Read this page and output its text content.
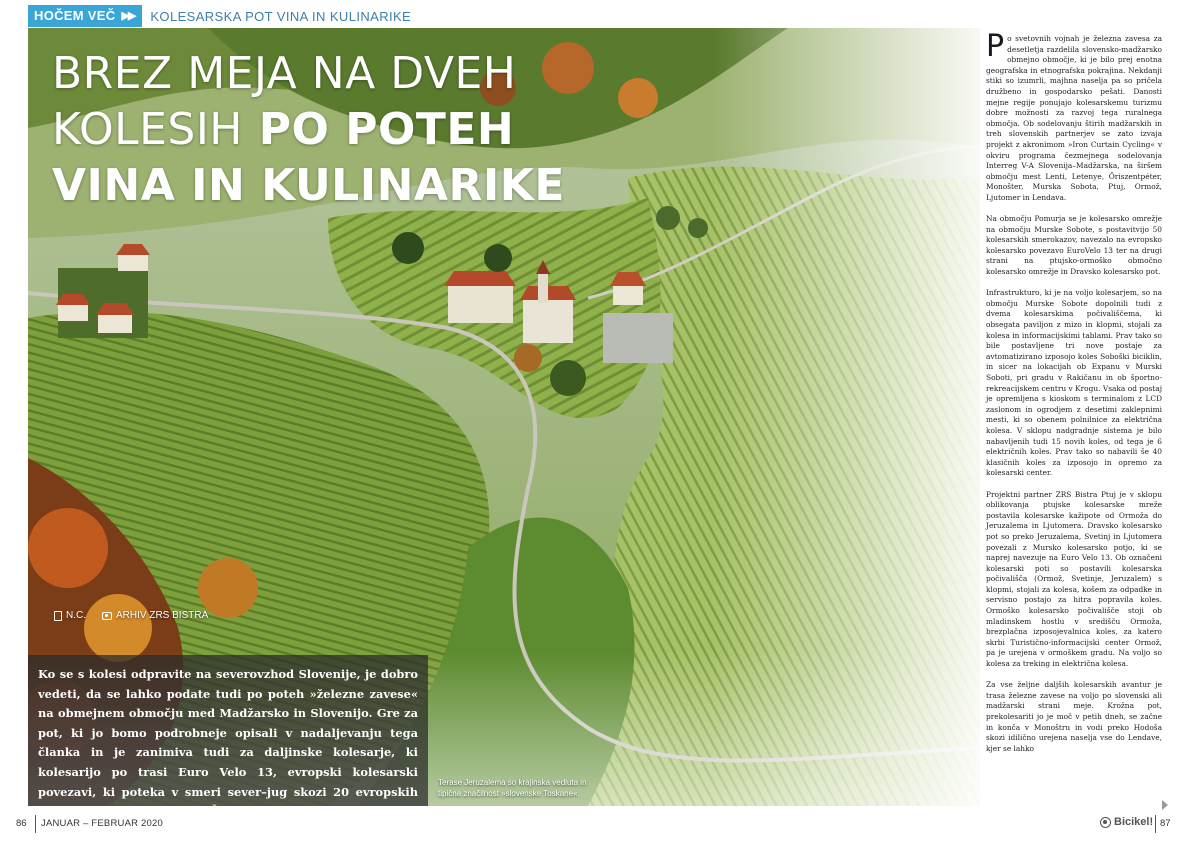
HOČEM VEČ ▶▶ KOLESARSKA POT VINA IN KULINARIKE
BREZ MEJA NA DVEH
KOLESIH PO POTEH
VINA IN KULINARIKE
N.C.	ARHIV ZRS BISTRA

Ko se s kolesi odpravite na severovzhod Slovenije, je dobro vedeti, da se lahko podate tudi po poteh »železne zavese« na obmejnem območju med Madžarsko in Slovenijo. Gre za pot, ki jo bomo podrobneje opisali v nadaljevanju tega članka in je zanimiva tudi za daljinske kolesarje, ki kolesarijo po trasi Euro Velo 13, evropski kolesarski povezavi, ki poteka v smeri sever–jug skozi 20 evropskih držav, od Barentsovega do Črnega morja.

Terase Jeruzalema so krajinska vedluta in tipična značilnost »slovenske Toskane«.

Po svetovnih vojnah je železna zavesa za desetletja razdelila slovensko-madžarsko obmejno območje, ki je bilo prej enotna geografska in etnografska pokrajina. Nekdanji stiki so izumrli, majhna naselja pa so pričela družbeno in gospodarsko pešati. Danosti mejne regije ponujajo kolesarskemu turizmu dobre možnosti za razvoj tega ruralnega območja. Ob sodelovanju štirih madžarskih in treh slovenskih partnerjev se zato izvaja projekt z akronimom »Iron Curtain Cycling« v okviru programa čezmejnega sodelovanja Interreg V-A Slovenija–Madžarska, na širšem območju mest Lenti, Letenye, Őriszentpéter, Monošter, Murska Sobota, Ptuj, Ormož, Ljutomer in Lendava.

Na območju Pomurja se je kolesarsko omrežje na območju Murske Sobote, s postavitvijo 50 kolesarskih smerokazov, navezalo na evropsko kolesarsko povezavo EuroVelo 13 ter na drugi strani na ptujsko-ormoško območno kolesarsko omrežje in Dravsko kolesarsko pot.

Infrastrukturo, ki je na voljo kolesarjem, so na območju Murske Sobote dopolnili tudi z dvema kolesarskima počivališčema, ki obsegata paviljon z mizo in klopmi, stojali za kolesa in informacijskimi tablami. Prav tako so bile postavljene tri nove postaje za avtomatizirano izposojo koles Soboški biciklin, in sicer na lokacijah ob Expanu v Murski Soboti, pri gradu v Rakičanu in ob športno-rekreacijskem centru v Krogu. Vsaka od postaj je opremljena s kioskom s terminalom z LCD zaslonom in ogrodjem z desetimi zaklepnimi mesti, ki so obenem polnilnice za električna kolesa. V sklopu nadgradnje sistema je bilo nabavljenih tudi 15 novih koles, od tega je 6 električnih koles. Prav tako so nabavili še 40 klasičnih koles za izposojo in opremo za kolesarski center.

Projektni partner ZRS Bistra Ptuj je v sklopu oblikovanja ptujske kolesarske mreže postavila kolesarske kažipote od Ormoža do Jeruzalema in Ljutomera. Dravsko kolesarsko pot so preko Jeruzalema, Svetinj in Ljutomera povezali z Mursko kolesarsko potjo, ki se naprej navezuje na Euro Velo 13. Ob označeni kolesarski poti so postavili kolesarska počivališča (Ormož, Svetinje, Jeruzalem) s klopmi, stojali za kolesa, košem za odpadke in servisno postajo za hitra popravila koles. Ormoško kolesarsko počivališče stoji ob mladinskem hostlu v središču Ormoža, brezplačna izposojevalnica koles, za katero skrbi Turistično-informacijski center Ormož, pa je urejena v ormoškem gradu. Na voljo so kolesa za treking in električna kolesa.

Za vse željne daljših kolesarskih avantur je trasa železne zavese na voljo po slovenski ali madžarski strani meje. Krožna pot, prekolesariti jo je moč v petih dneh, se začne in konča v Monoštru in vodi preko Hodoša skozi idilično urejena naselja vse do Lendave, kjer se lahko

86 JANUAR – FEBRUAR 2020	Bicikel! 87
